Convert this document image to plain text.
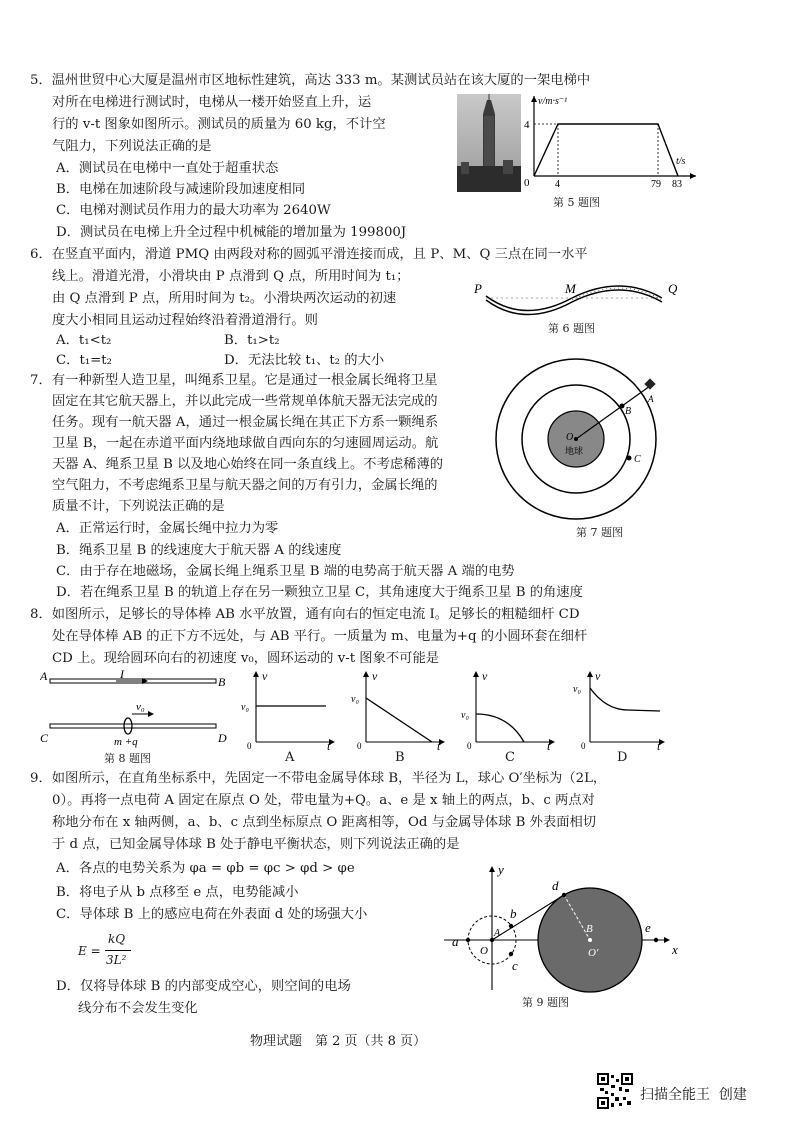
5．温州世贸中心大厦是温州市区地标性建筑，高达 333 m。某测试员站在该大厦的一架电梯中
对所在电梯进行测试时，电梯从一楼开始竖直上升，运
行的 v-t 图象如图所示。测试员的质量为 60 kg，不计空
气阻力，下列说法正确的是
A．测试员在电梯中一直处于超重状态
B．电梯在加速阶段与减速阶段加速度相同
C．电梯对测试员作用力的最大功率为 2640W
D．测试员在电梯上升全过程中机械能的增加量为 199800J
v/m·s⁻¹
t/s
0
4
4	79 83
第 5 题图
6．在竖直平面内，滑道 PMQ 由两段对称的圆弧平滑连接而成，且 P、M、Q 三点在同一水平
线上。滑道光滑，小滑块由 P 点滑到 Q 点，所用时间为 t₁；
由 Q 点滑到 P 点，所用时间为 t₂。小滑块两次运动的初速
度大小相同且运动过程始终沿着滑道滑行。则
A．t₁<t₂	B．t₁>t₂
C．t₁=t₂	D．无法比较 t₁、t₂ 的大小
P	M	Q
第 6 题图
7．有一种新型人造卫星，叫绳系卫星。它是通过一根金属长绳将卫星
固定在其它航天器上，并以此完成一些常规单体航天器无法完成的
任务。现有一航天器 A，通过一根金属长绳在其正下方系一颗绳系
卫星 B，一起在赤道平面内绕地球做自西向东的匀速圆周运动。航
天器 A、绳系卫星 B 以及地心始终在同一条直线上。不考虑稀薄的
空气阻力，不考虑绳系卫星与航天器之间的万有引力，金属长绳的
质量不计，下列说法正确的是
A．正常运行时，金属长绳中拉力为零
B．绳系卫星 B 的线速度大于航天器 A 的线速度
C．由于存在地磁场，金属长绳上绳系卫星 B 端的电势高于航天器 A 端的电势
D．若在绳系卫星 B 的轨道上存在另一颗独立卫星 C，其角速度大于绳系卫星 B 的角速度
A
B
C
O
地球
第 7 题图
8．如图所示，足够长的导体棒 AB 水平放置，通有向右的恒定电流 I。足够长的粗糙细杆 CD
处在导体棒 AB 的正下方不远处，与 AB 平行。一质量为 m、电量为+q 的小圆环套在细杆
CD 上。现给圆环向右的初速度 v₀，圆环运动的 v-t 图象不可能是
A	B
I
C	D
v₀
m +q
第 8 题图
v
t
0
v₀
v
t
0
v₀
v
t
0
v₀
v
t
0
v₀
A	B	C	D
9．如图所示，在直角坐标系中，先固定一不带电金属导体球 B，半径为 L，球心 O′坐标为（2L，
0）。再将一点电荷 A 固定在原点 O 处，带电量为+Q。a、e 是 x 轴上的两点，b、c 两点对
称地分布在 x 轴两侧，a、b、c 点到坐标原点 O 距离相等，Od 与金属导体球 B 外表面相切
于 d 点，已知金属导体球 B 处于静电平衡状态，则下列说法正确的是
A．各点的电势关系为 φa = φb = φc > φd > φe
B．将电子从 b 点移至 e 点，电势能减小
C．导体球 B 上的感应电荷在外表面 d 处的场强大小
E =
kQ
3L²
D．仅将导体球 B 的内部变成空心，则空间的电场
线分布不会发生变化
x
y
a
b
c
d
e
O
A
O′
B
第 9 题图
物理试题　第 2 页（共 8 页）
扫描全能王  创建
